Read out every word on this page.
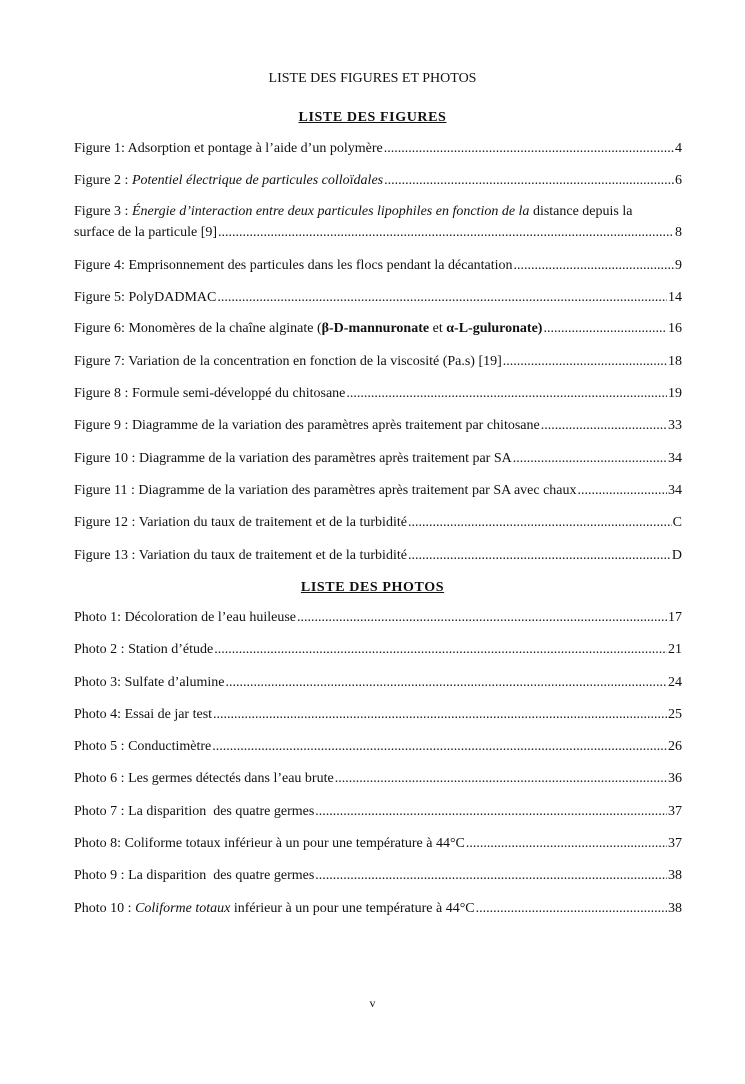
LISTE DES FIGURES ET PHOTOS
LISTE DES FIGURES
Figure 1: Adsorption et pontage à l’aide d’un polymère .....	4
Figure 2 : Potentiel électrique de particules colloïdales .....	6
Figure 3 : Énergie d’interaction entre deux particules lipophiles en fonction de la distance depuis la
surface de la particule [9] .....	8
Figure 4: Emprisonnement des particules dans les flocs pendant la décantation .....	9
Figure 5: PolyDADMAC .....	14
Figure 6: Monomères de la chaîne alginate (β-D-mannuronate et α-L-guluronate) .....	16
Figure 7: Variation de la concentration en fonction de la viscosité (Pa.s) [19] .....	18
Figure 8 : Formule semi-développé du chitosane .....	19
Figure 9 : Diagramme de la variation des paramètres après traitement par chitosane .....	33
Figure 10 : Diagramme de la variation des paramètres après traitement par SA .....	34
Figure 11 : Diagramme de la variation des paramètres après traitement par SA avec chaux .....	34
Figure 12 : Variation du taux de traitement et de la turbidité .....	C
Figure 13 : Variation du taux de traitement et de la turbidité .....	D
LISTE DES PHOTOS
Photo 1: Décoloration de l’eau huileuse .....	17
Photo 2 : Station d’étude .....	21
Photo 3: Sulfate d’alumine .....	24
Photo 4: Essai de jar test .....	25
Photo 5 : Conductimètre .....	26
Photo 6 : Les germes détectés dans l’eau brute .....	36
Photo 7 : La disparition  des quatre germes .....	37
Photo 8: Coliforme totaux inférieur à un pour une température à 44°C .....	37
Photo 9 : La disparition  des quatre germes .....	38
Photo 10 : Coliforme totaux inférieur à un pour une température à 44°C .....	38
v
